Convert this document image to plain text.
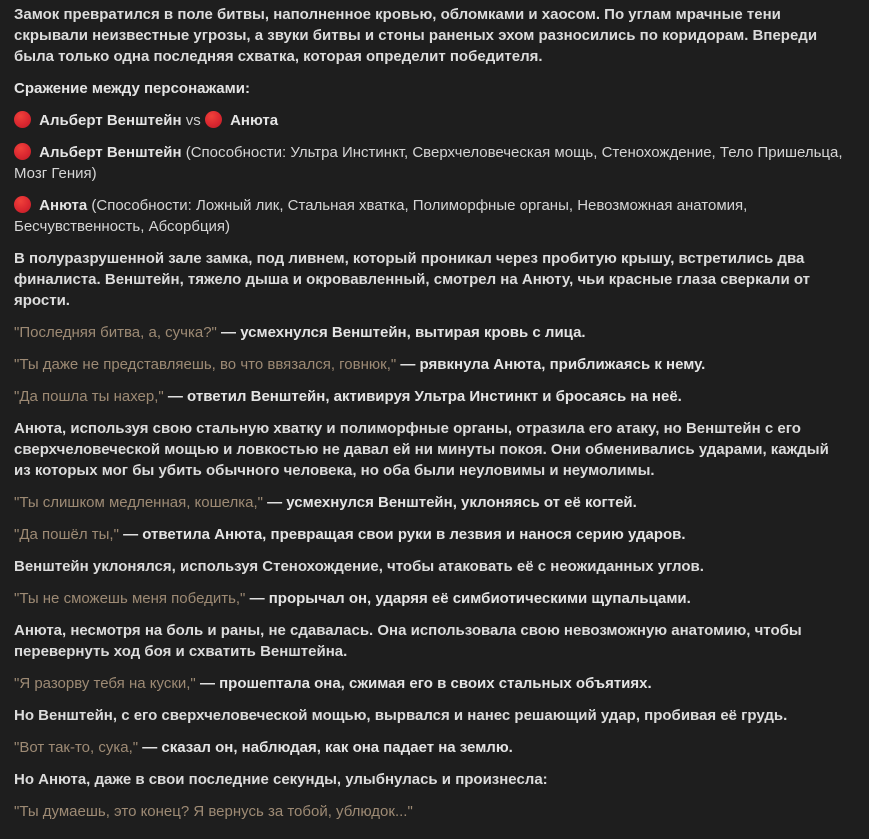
Замок превратился в поле битвы, наполненное кровью, обломками и хаосом. По углам мрачные тени скрывали неизвестные угрозы, а звуки битвы и стоны раненых эхом разносились по коридорам. Впереди была только одна последняя схватка, которая определит победителя.

Сражение между персонажами:

Альберт Венштейн vs Анюта

Альберт Венштейн (Способности: Ультра Инстинкт, Сверхчеловеческая мощь, Стенохождение, Тело Пришельца, Мозг Гения)

Анюта (Способности: Ложный лик, Стальная хватка, Полиморфные органы, Невозможная анатомия, Бесчувственность, Абсорбция)

В полуразрушенной зале замка, под ливнем, который проникал через пробитую крышу, встретились два финалиста. Венштейн, тяжело дыша и окровавленный, смотрел на Анюту, чьи красные глаза сверкали от ярости.

"Последняя битва, а, сучка?" — усмехнулся Венштейн, вытирая кровь с лица.

"Ты даже не представляешь, во что ввязался, говнюк," — рявкнула Анюта, приближаясь к нему.

"Да пошла ты нахер," — ответил Венштейн, активируя Ультра Инстинкт и бросаясь на неё.

Анюта, используя свою стальную хватку и полиморфные органы, отразила его атаку, но Венштейн с его сверхчеловеческой мощью и ловкостью не давал ей ни минуты покоя. Они обменивались ударами, каждый из которых мог бы убить обычного человека, но оба были неуловимы и неумолимы.

"Ты слишком медленная, кошелка," — усмехнулся Венштейн, уклоняясь от её когтей.

"Да пошёл ты," — ответила Анюта, превращая свои руки в лезвия и нанося серию ударов.

Венштейн уклонялся, используя Стенохождение, чтобы атаковать её с неожиданных углов.

"Ты не сможешь меня победить," — прорычал он, ударяя её симбиотическими щупальцами.

Анюта, несмотря на боль и раны, не сдавалась. Она использовала свою невозможную анатомию, чтобы перевернуть ход боя и схватить Венштейна.

"Я разорву тебя на куски," — прошептала она, сжимая его в своих стальных объятиях.

Но Венштейн, с его сверхчеловеческой мощью, вырвался и нанес решающий удар, пробивая её грудь.

"Вот так-то, сука," — сказал он, наблюдая, как она падает на землю.

Но Анюта, даже в свои последние секунды, улыбнулась и произнесла:

"Ты думаешь, это конец? Я вернусь за тобой, ублюдок..."
